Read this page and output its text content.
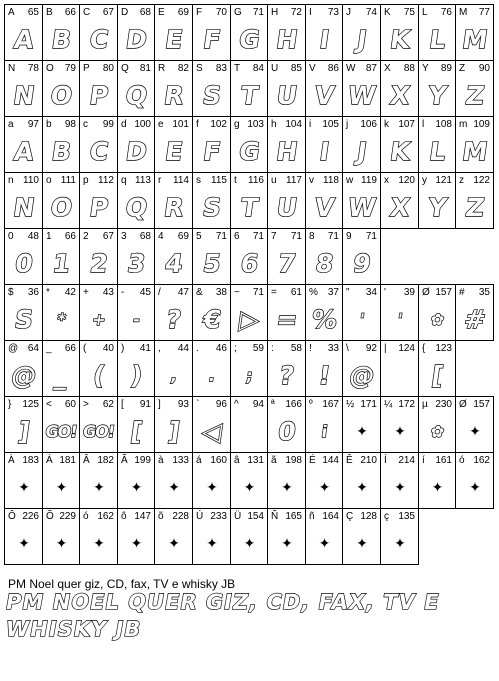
A 65
A
B 66
B
C 67
C
D 68
D
E 69
E
F 70
F
G 71
G
H 72
H
I 73
I
J 74
J
K 75
K
L 76
L
M 77
M
N 78
N
O 79
O
P 80
P
Q 81
Q
R 82
R
S 83
S
T 84
T
U 85
U
V 86
V
W 87
W
X 88
X
Y 89
Y
Z 90
Z
a 97
A
b 98
B
c 99
C
d 100
D
e 101
E
f 102
F
g 103
G
h 104
H
i 105
I
j 106
J
k 107
K
l 108
L
m 109
M
n 110
N
o 111
O
p 112
P
q 113
Q
r 114
R
s 115
S
t 116
T
u 117
U
v 118
V
w 119
W
x 120
X
y 121
Y
z 122
Z
0 48
0
1 66
1
2 67
2
3 68
3
4 69
4
5 71
5
6 71
6
7 71
7
8 71
8
9 71
9
$ 36
S
* 42
*
+ 43
+
- 45
-
/ 47
?
& 38
€
~ 71
▷
= 61
=
% 37
%
" 34
'
' 39
'
Ø 157
✿
# 35
#
@ 64
@
_ 66
_
( 40
(
) 41
)
, 44
,
. 46
.
; 59
;
: 58
?
! 33
!
\ 92
@
| 124 { 123
[
} 125
]
< 60
GO!
> 62
GO!
[ 91
[
] 93
]
` 96
◁
^ 94 ª 166
0
º 167
i
½ 171
✦
¼ 172
✦
µ 230
✿
Ø 157
✦
À 183
✦
Á 181
✦
Â 182
✦
Ã 199
✦
à 133
✦
á 160
✦
â 131
✦
ã 198
✦
É 144
✦
Ê 210
✦
Í 214
✦
í 161
✦
ó 162
✦
Ô 226
✦
Õ 229
✦
ó 162
✦
ô 147
✦
õ 228
✦
Ú 233
✦
Ü 154
✦
Ñ 165
✦
ñ 164
✦
Ç 128
✦
ç 135
✦
PM Noel quer giz, CD, fax, TV e whisky JB
PM NOEL QUER GIZ, CD, FAX, TV E
WHISKY JB
